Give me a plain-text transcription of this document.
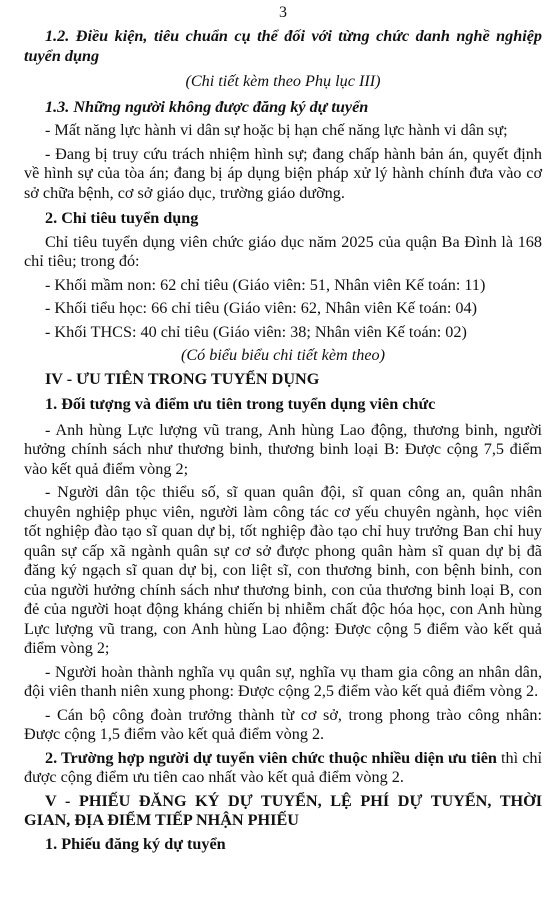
3

1.2. Điều kiện, tiêu chuẩn cụ thể đối với từng chức danh nghề nghiệp tuyển dụng

(Chi tiết kèm theo Phụ lục III)

1.3. Những người không được đăng ký dự tuyển

- Mất năng lực hành vi dân sự hoặc bị hạn chế năng lực hành vi dân sự;

- Đang bị truy cứu trách nhiệm hình sự; đang chấp hành bản án, quyết định về hình sự của tòa án; đang bị áp dụng biện pháp xử lý hành chính đưa vào cơ sở chữa bệnh, cơ sở giáo dục, trường giáo dưỡng.

2. Chỉ tiêu tuyển dụng

Chỉ tiêu tuyển dụng viên chức giáo dục năm 2025 của quận Ba Đình là 168 chỉ tiêu; trong đó:

- Khối mầm non: 62 chỉ tiêu (Giáo viên: 51, Nhân viên Kế toán: 11)

- Khối tiểu học: 66 chỉ tiêu (Giáo viên: 62, Nhân viên Kế toán: 04)

- Khối THCS: 40 chỉ tiêu (Giáo viên: 38; Nhân viên Kế toán: 02)

(Có biểu biểu chi tiết kèm theo)

IV - ƯU TIÊN TRONG TUYỂN DỤNG

1. Đối tượng và điểm ưu tiên trong tuyển dụng viên chức

- Anh hùng Lực lượng vũ trang, Anh hùng Lao động, thương binh, người hưởng chính sách như thương binh, thương binh loại B: Được cộng 7,5 điểm vào kết quả điểm vòng 2;

- Người dân tộc thiểu số, sĩ quan quân đội, sĩ quan công an, quân nhân chuyên nghiệp phục viên, người làm công tác cơ yếu chuyên ngành, học viên tốt nghiệp đào tạo sĩ quan dự bị, tốt nghiệp đào tạo chỉ huy trưởng Ban chỉ huy quân sự cấp xã ngành quân sự cơ sở được phong quân hàm sĩ quan dự bị đã đăng ký ngạch sĩ quan dự bị, con liệt sĩ, con thương binh, con bệnh binh, con của người hưởng chính sách như thương binh, con của thương binh loại B, con đẻ của người hoạt động kháng chiến bị nhiễm chất độc hóa học, con Anh hùng Lực lượng vũ trang, con Anh hùng Lao động: Được cộng 5 điểm vào kết quả điểm vòng 2;

- Người hoàn thành nghĩa vụ quân sự, nghĩa vụ tham gia công an nhân dân, đội viên thanh niên xung phong: Được cộng 2,5 điểm vào kết quả điểm vòng 2.

- Cán bộ công đoàn trưởng thành từ cơ sở, trong phong trào công nhân: Được cộng 1,5 điểm vào kết quả điểm vòng 2.

2. Trường hợp người dự tuyển viên chức thuộc nhiều diện ưu tiên thì chỉ được cộng điểm ưu tiên cao nhất vào kết quả điểm vòng 2.

V - PHIẾU ĐĂNG KÝ DỰ TUYỂN, LỆ PHÍ DỰ TUYỂN, THỜI GIAN, ĐỊA ĐIỂM TIẾP NHẬN PHIẾU

1. Phiếu đăng ký dự tuyển
